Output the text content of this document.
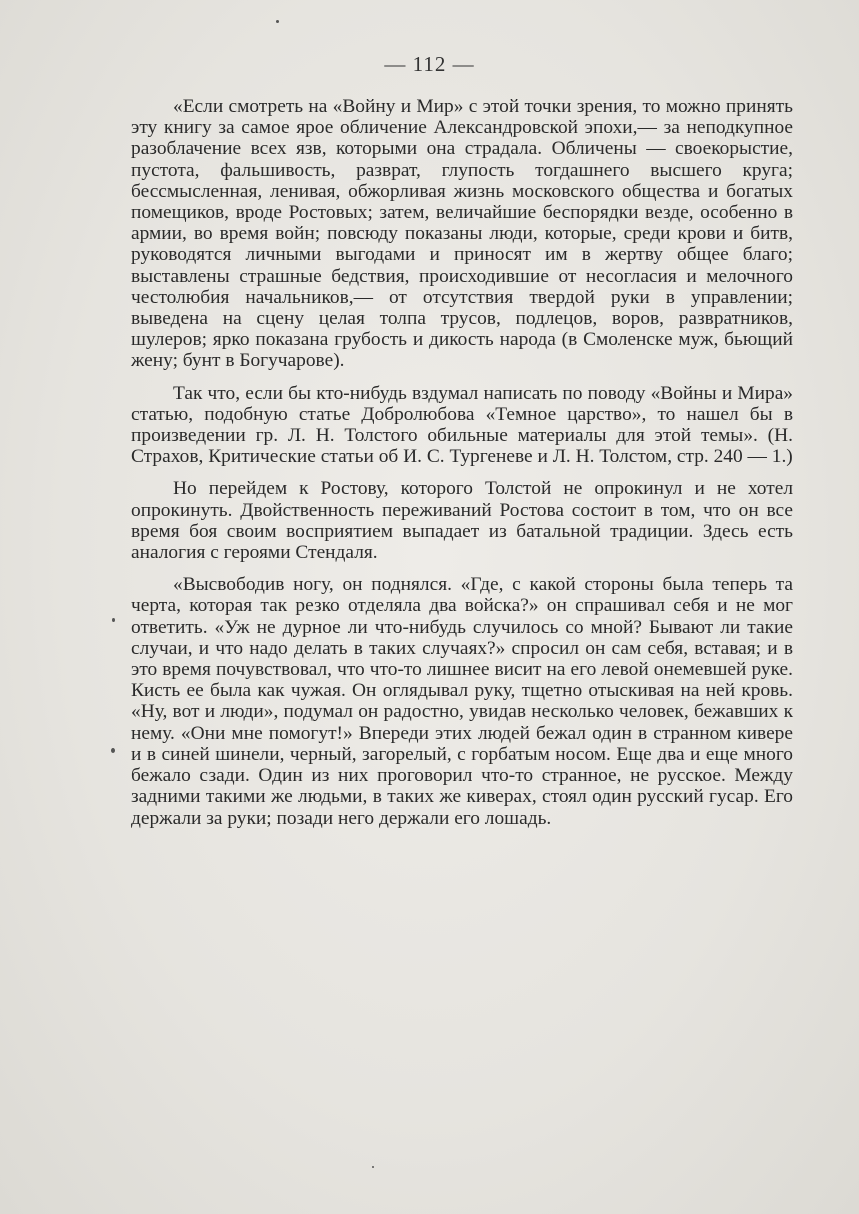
— 112 —

«Если смотреть на «Войну и Мир» с этой точки зрения, то можно принять эту книгу за самое ярое обличение Александровской эпохи,— за неподкупное разоблачение всех язв, которыми она страдала. Обличены — своекорыстие, пустота, фальшивость, разврат, глупость тогдашнего высшего круга; бессмысленная, ленивая, обжорливая жизнь московского общества и богатых помещиков, вроде Ростовых; затем, величайшие беспорядки везде, особенно в армии, во время войн; повсюду показаны люди, которые, среди крови и битв, руководятся личными выгодами и приносят им в жертву общее благо; выставлены страшные бедствия, происходившие от несогласия и мелочного честолюбия начальников,— от отсутствия твердой руки в управлении; выведена на сцену целая толпа трусов, подлецов, воров, развратников, шулеров; ярко показана грубость и дикость народа (в Смоленске муж, бьющий жену; бунт в Богучарове).

Так что, если бы кто-нибудь вздумал написать по поводу «Войны и Мира» статью, подобную статье Добролюбова «Темное царство», то нашел бы в произведении гр. Л. Н. Толстого обильные материалы для этой темы». (Н. Страхов, Критические статьи об И. С. Тургеневе и Л. Н. Толстом, стр. 240 — 1.)

Но перейдем к Ростову, которого Толстой не опрокинул и не хотел опрокинуть. Двойственность переживаний Ростова состоит в том, что он все время боя своим восприятием выпадает из батальной традиции. Здесь есть аналогия с героями Стендаля.

«Высвободив ногу, он поднялся. «Где, с какой стороны была теперь та черта, которая так резко отделяла два войска?» он спрашивал себя и не мог ответить. «Уж не дурное ли что-нибудь случилось со мной? Бывают ли такие случаи, и что надо делать в таких случаях?» спросил он сам себя, вставая; и в это время почувствовал, что что-то лишнее висит на его левой онемевшей руке. Кисть ее была как чужая. Он оглядывал руку, тщетно отыскивая на ней кровь. «Ну, вот и люди», подумал он радостно, увидав несколько человек, бежавших к нему. «Они мне помогут!» Впереди этих людей бежал один в странном кивере и в синей шинели, черный, загорелый, с горбатым носом. Еще два и еще много бежало сзади. Один из них проговорил что-то странное, не русское. Между задними такими же людьми, в таких же киверах, стоял один русский гусар. Его держали за руки; позади него держали его лошадь.
